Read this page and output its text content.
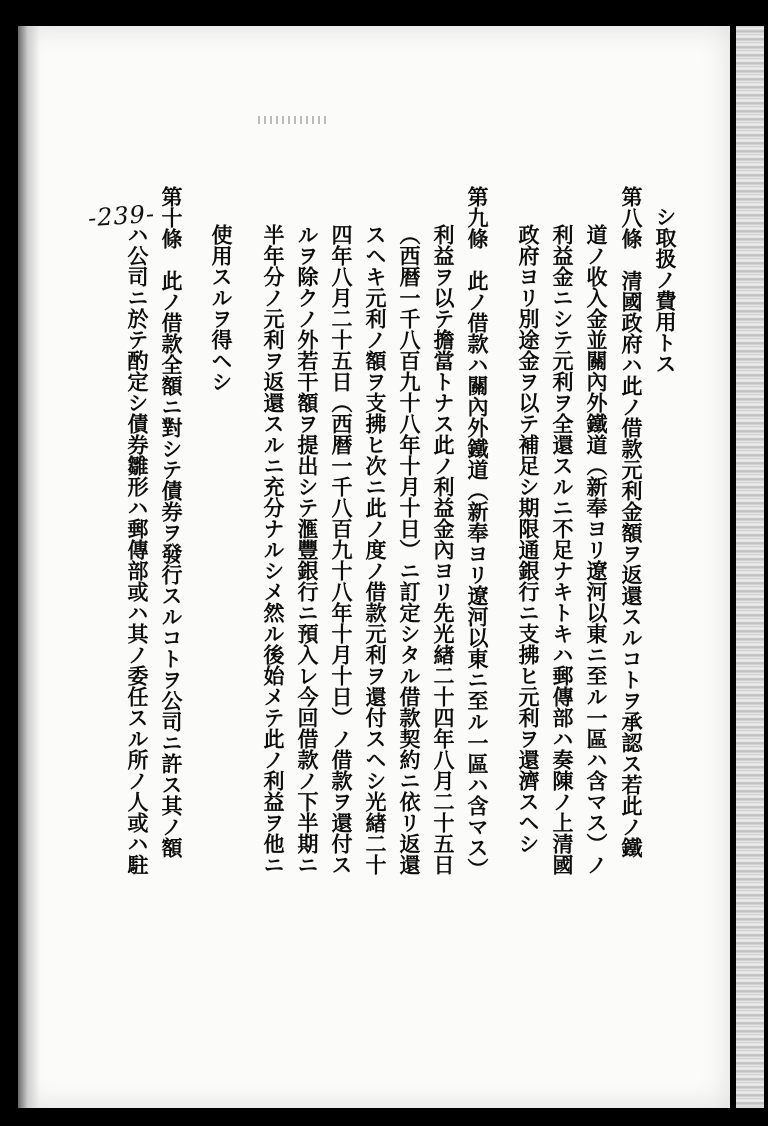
-239-	シ取扱ノ費用トス
第八條　清國政府ハ此ノ借款元利金額ヲ返還スルコトヲ承認ス若此ノ鐵
道ノ收入金並關內外鐵道（新奉ヨリ遼河以東ニ至ル一區ハ含マス）ノ
利益金ニシテ元利ヲ全還スルニ不足ナキトキハ郵傳部ハ奏陳ノ上清國
政府ヨリ別途金ヲ以テ補足シ期限通銀行ニ支拂ヒ元利ヲ還濟スヘシ
第九條　此ノ借款ハ關內外鐵道（新奉ヨリ遼河以東ニ至ル一區ハ含マス）
利益ヲ以テ擔當トナス此ノ利益金內ヨリ先光緖二十四年八月二十五日
（西暦一千八百九十八年十月十日）ニ訂定シタル借款契約ニ依リ返還
スヘキ元利ノ額ヲ支拂ヒ次ニ此ノ度ノ借款元利ヲ還付スヘシ光緖二十
四年八月二十五日（西暦一千八百九十八年十月十日）ノ借款ヲ還付ス
ルヲ除クノ外若干額ヲ提出シテ滙豐銀行ニ預入レ今回借款ノ下半期ニ
半年分ノ元利ヲ返還スルニ充分ナルシメ然ル後始メテ此ノ利益ヲ他ニ
使用スルヲ得ヘシ
第十條　此ノ借款全額ニ對シテ債券ヲ發行スルコトヲ公司ニ許ス其ノ額
ハ公司ニ於テ酌定シ債券雛形ハ郵傳部或ハ其ノ委任スル所ノ人或ハ駐
